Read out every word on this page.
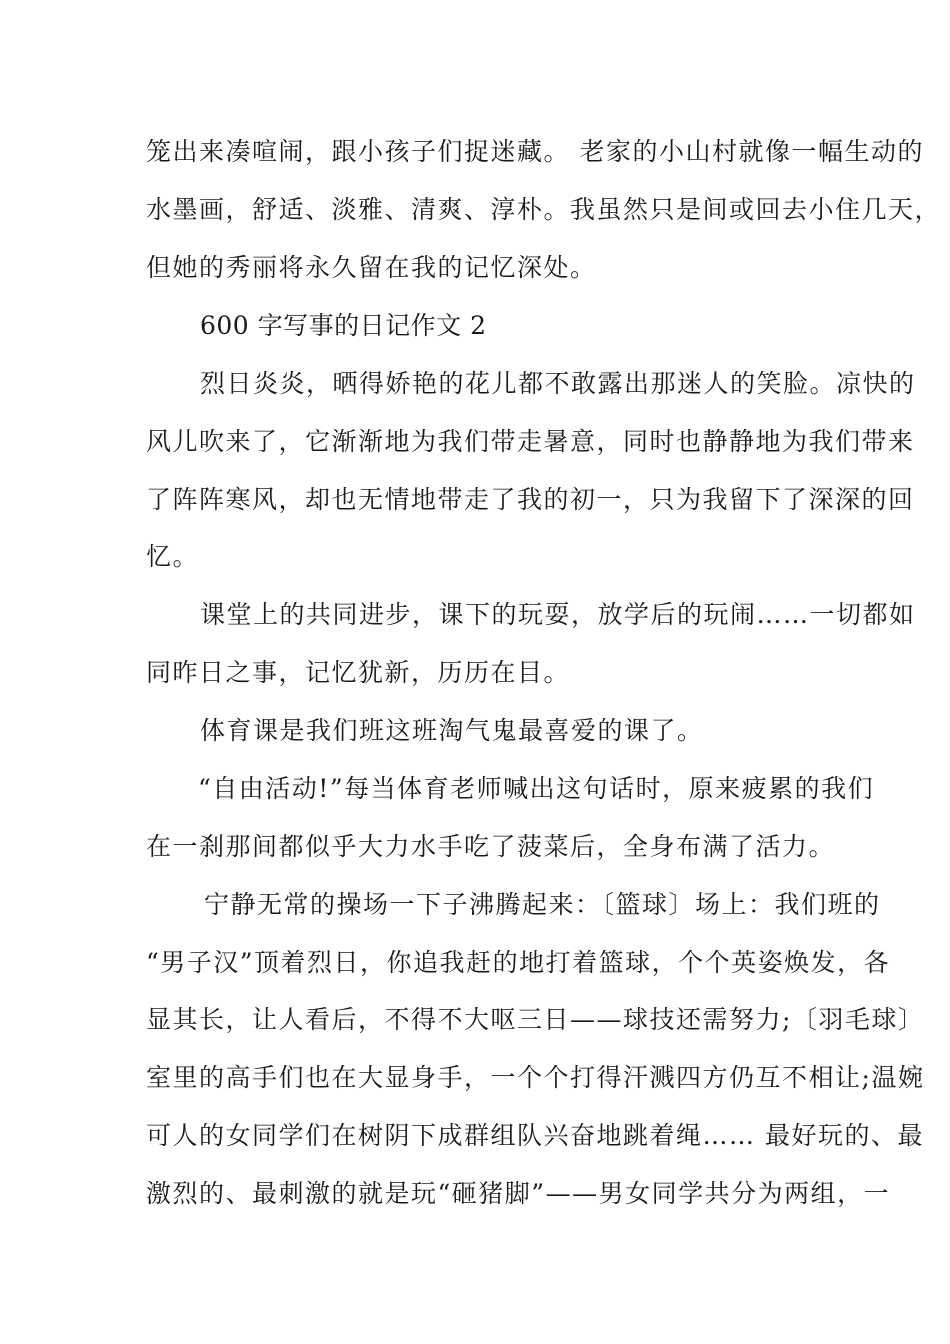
笼出来凑喧闹，跟小孩子们捉迷藏。 老家的小山村就像一幅生动的
水墨画，舒适、淡雅、清爽、淳朴。我虽然只是间或回去小住几天，
但她的秀丽将永久留在我的记忆深处。
600 字写事的日记作文 2
烈日炎炎，晒得娇艳的花儿都不敢露出那迷人的笑脸。凉快的
风儿吹来了，它渐渐地为我们带走暑意，同时也静静地为我们带来
了阵阵寒风，却也无情地带走了我的初一，只为我留下了深深的回
忆。
课堂上的共同进步，课下的玩耍，放学后的玩闹……一切都如
同昨日之事，记忆犹新，历历在目。
体育课是我们班这班淘气鬼最喜爱的课了。
“自由活动!”每当体育老师喊出这句话时，原来疲累的我们
在一刹那间都似乎大力水手吃了菠菜后，全身布满了活力。
宁静无常的操场一下子沸腾起来：〔篮球〕场上：我们班的
“男子汉”顶着烈日，你追我赶的地打着篮球，个个英姿焕发，各
显其长，让人看后，不得不大呕三日——球技还需努力;〔羽毛球〕
室里的高手们也在大显身手，一个个打得汗溅四方仍互不相让;温婉
可人的女同学们在树阴下成群组队兴奋地跳着绳…… 最好玩的、最
激烈的、最刺激的就是玩“砸猪脚”——男女同学共分为两组，一
